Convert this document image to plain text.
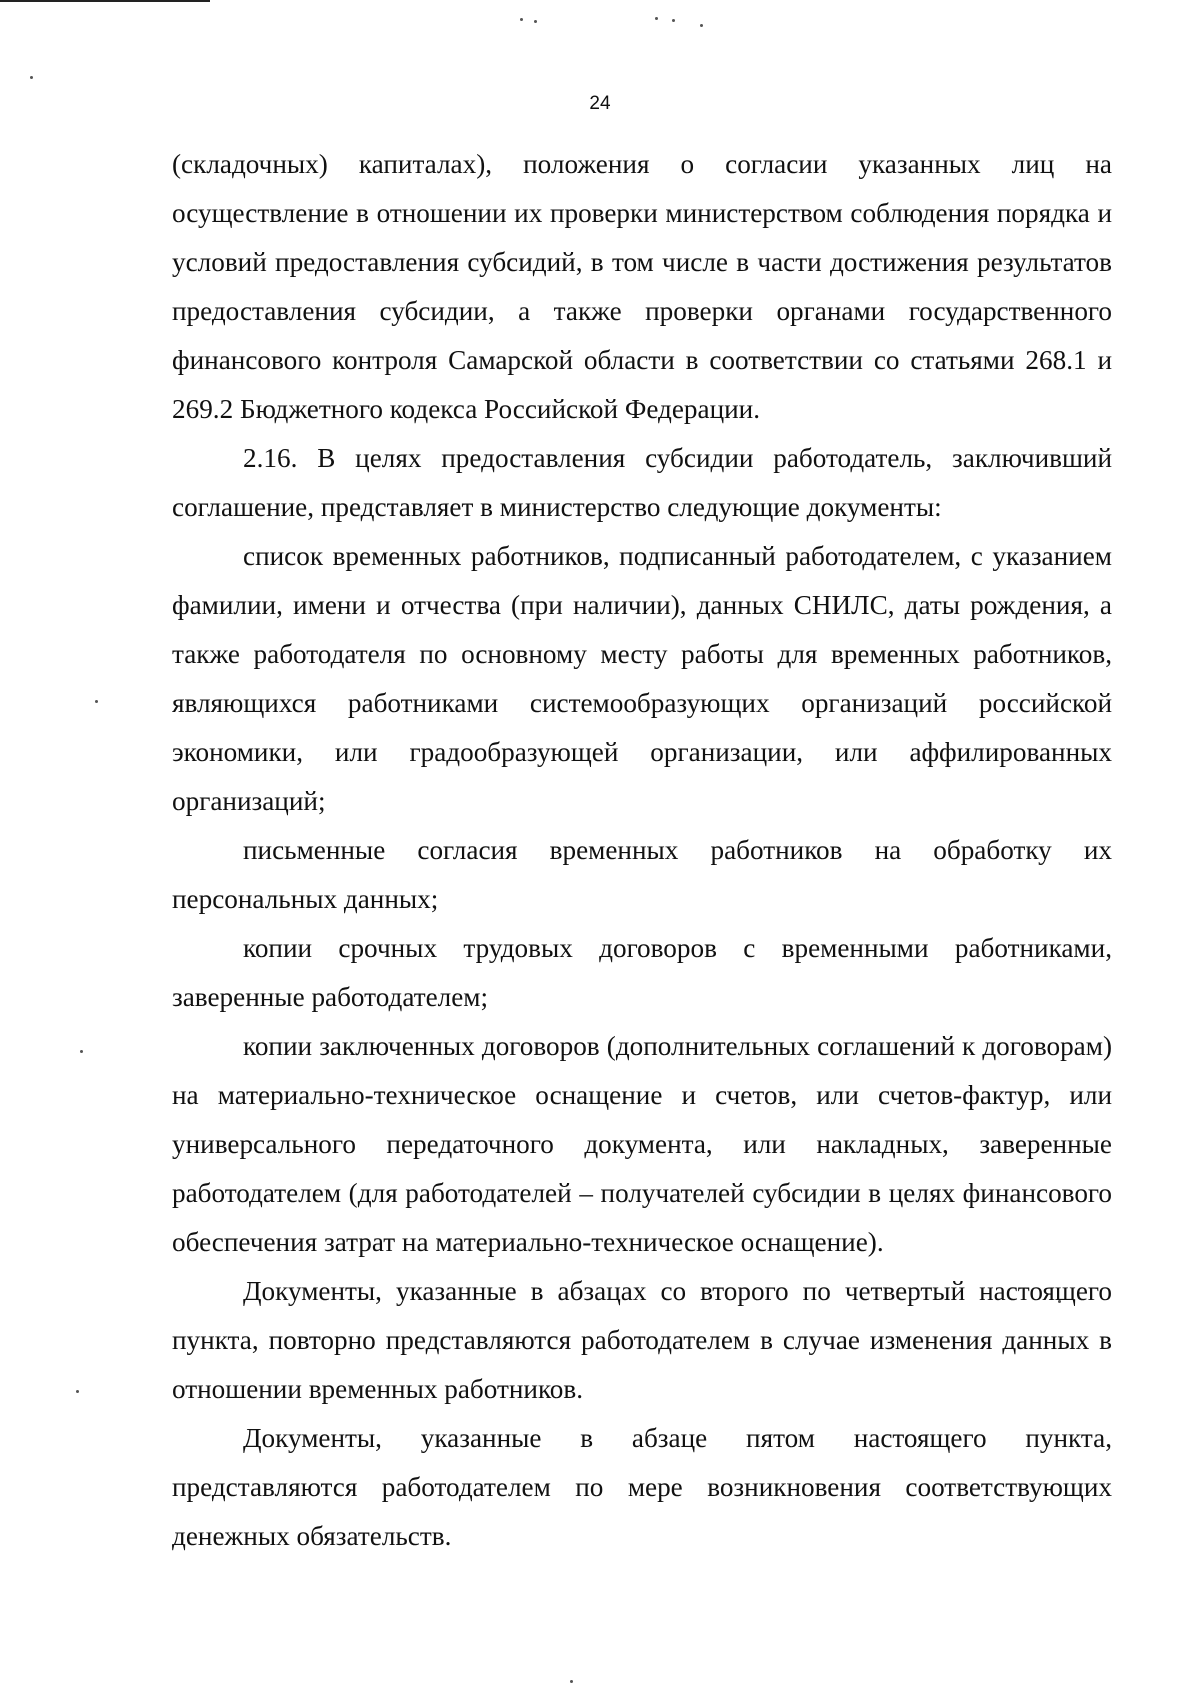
24

(складочных) капиталах), положения о согласии указанных лиц на осуществление в отношении их проверки министерством соблюдения порядка и условий предоставления субсидий, в том числе в части достижения результатов предоставления субсидии, а также проверки органами государственного финансового контроля Самарской области в соответствии со статьями 268.1 и 269.2 Бюджетного кодекса Российской Федерации.

2.16. В целях предоставления субсидии работодатель, заключивший соглашение, представляет в министерство следующие документы:

список временных работников, подписанный работодателем, с указанием фамилии, имени и отчества (при наличии), данных СНИЛС, даты рождения, а также работодателя по основному месту работы для временных работников, являющихся работниками системообразующих организаций российской экономики, или градообразующей организации, или аффилированных организаций;

письменные согласия временных работников на обработку их персональных данных;

копии срочных трудовых договоров с временными работниками, заверенные работодателем;

копии заключенных договоров (дополнительных соглашений к договорам) на материально-техническое оснащение и счетов, или счетов-фактур, или универсального передаточного документа, или накладных, заверенные работодателем (для работодателей – получателей субсидии в целях финансового обеспечения затрат на материально-техническое оснащение).

Документы, указанные в абзацах со второго по четвертый настоящего пункта, повторно представляются работодателем в случае изменения данных в отношении временных работников.

Документы, указанные в абзаце пятом настоящего пункта, представляются работодателем по мере возникновения соответствующих денежных обязательств.
